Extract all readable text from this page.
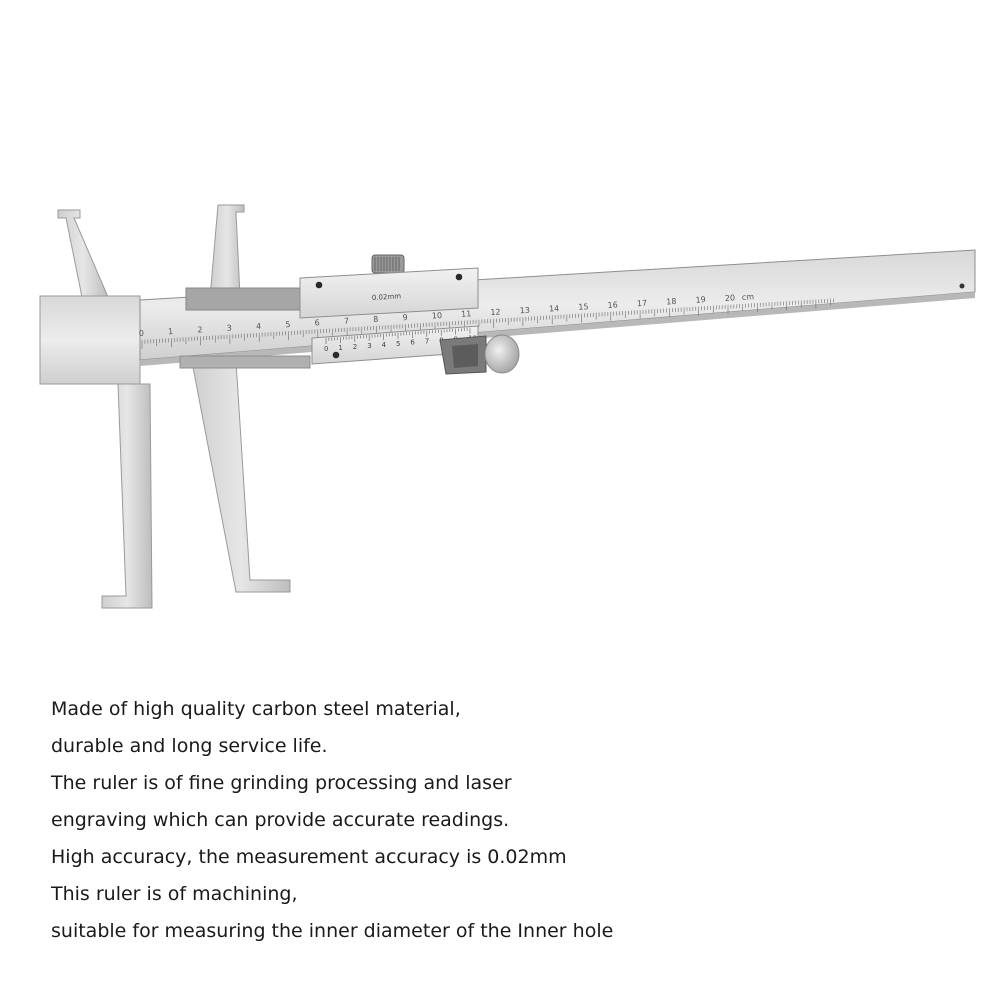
0	1	2	3	4	5	6	7	8	9	10 11 12 13 14 15 16 17 18 19 20 cm
0.02mm
0 1 2 3 4 5 6 7
Made of high quality carbon steel material,
durable and long service life.
The ruler is of fine grinding processing and laser
engraving which can provide accurate readings.
High accuracy, the measurement accuracy is 0.02mm
This ruler is of machining,
suitable for measuring the inner diameter of the Inner hole
